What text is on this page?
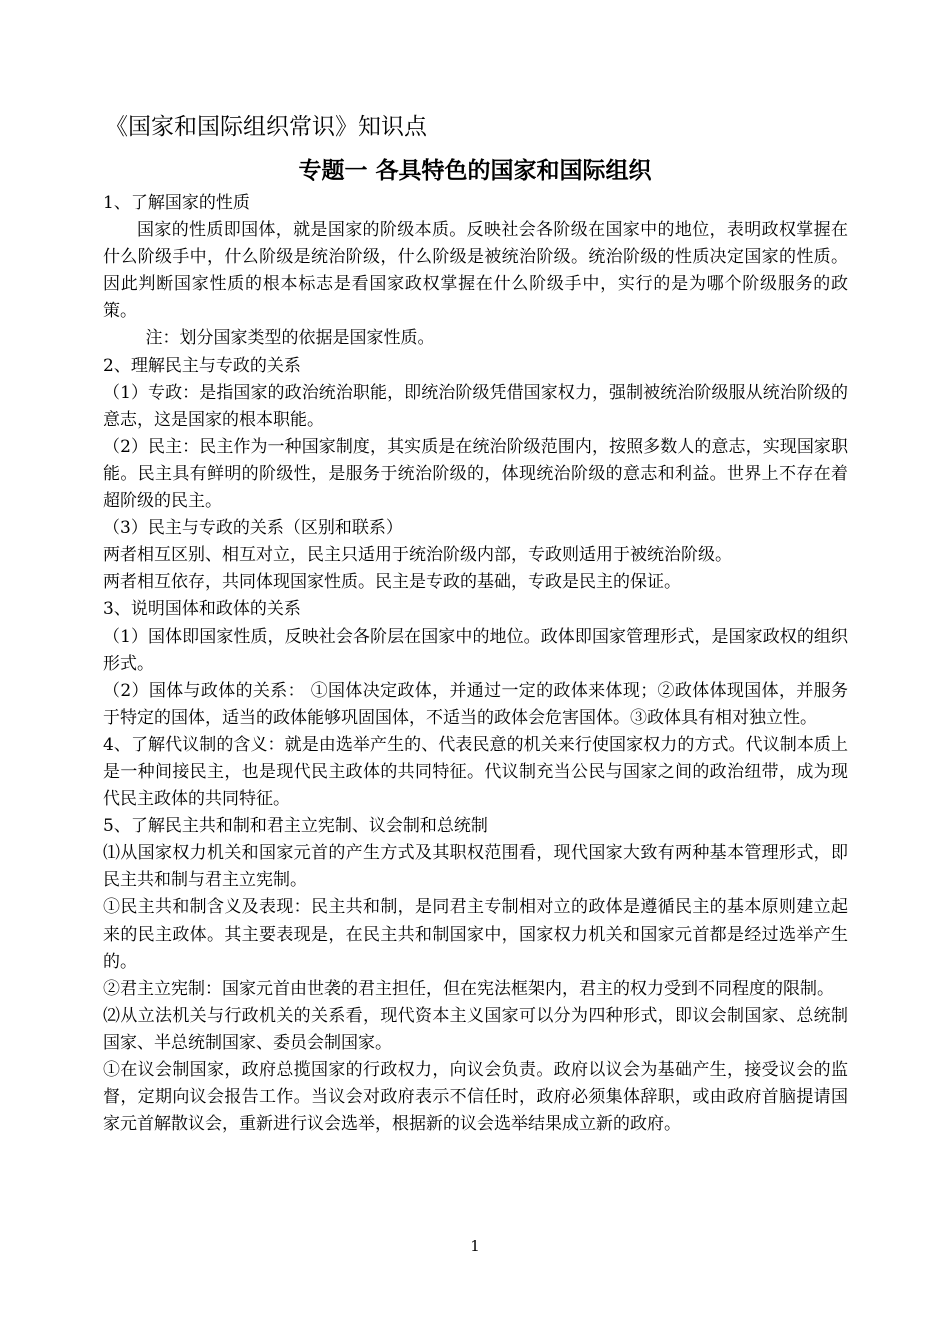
《国家和国际组织常识》知识点
专题一 各具特色的国家和国际组织

1、了解国家的性质

国家的性质即国体，就是国家的阶级本质。反映社会各阶级在国家中的地位，表明政权掌握在什么阶级手中，什么阶级是统治阶级，什么阶级是被统治阶级。统治阶级的性质决定国家的性质。因此判断国家性质的根本标志是看国家政权掌握在什么阶级手中，实行的是为哪个阶级服务的政策。

注：划分国家类型的依据是国家性质。

2、理解民主与专政的关系

（1）专政：是指国家的政治统治职能，即统治阶级凭借国家权力，强制被统治阶级服从统治阶级的意志，这是国家的根本职能。

（2）民主：民主作为一种国家制度，其实质是在统治阶级范围内，按照多数人的意志，实现国家职能。民主具有鲜明的阶级性，是服务于统治阶级的，体现统治阶级的意志和利益。世界上不存在着超阶级的民主。

（3）民主与专政的关系（区别和联系）

两者相互区别、相互对立，民主只适用于统治阶级内部，专政则适用于被统治阶级。

两者相互依存，共同体现国家性质。民主是专政的基础，专政是民主的保证。

3、说明国体和政体的关系

（1）国体即国家性质，反映社会各阶层在国家中的地位。政体即国家管理形式，是国家政权的组织形式。

（2）国体与政体的关系： ①国体决定政体，并通过一定的政体来体现；②政体体现国体，并服务于特定的国体，适当的政体能够巩固国体，不适当的政体会危害国体。③政体具有相对独立性。

4、了解代议制的含义：就是由选举产生的、代表民意的机关来行使国家权力的方式。代议制本质上是一种间接民主，也是现代民主政体的共同特征。代议制充当公民与国家之间的政治纽带，成为现代民主政体的共同特征。

5、了解民主共和制和君主立宪制、议会制和总统制

⑴从国家权力机关和国家元首的产生方式及其职权范围看，现代国家大致有两种基本管理形式，即民主共和制与君主立宪制。

①民主共和制含义及表现：民主共和制，是同君主专制相对立的政体是遵循民主的基本原则建立起来的民主政体。其主要表现是，在民主共和制国家中，国家权力机关和国家元首都是经过选举产生的。

②君主立宪制：国家元首由世袭的君主担任，但在宪法框架内，君主的权力受到不同程度的限制。

⑵从立法机关与行政机关的关系看，现代资本主义国家可以分为四种形式，即议会制国家、总统制国家、半总统制国家、委员会制国家。

①在议会制国家，政府总揽国家的行政权力，向议会负责。政府以议会为基础产生，接受议会的监督，定期向议会报告工作。当议会对政府表示不信任时，政府必须集体辞职，或由政府首脑提请国家元首解散议会，重新进行议会选举，根据新的议会选举结果成立新的政府。

1
